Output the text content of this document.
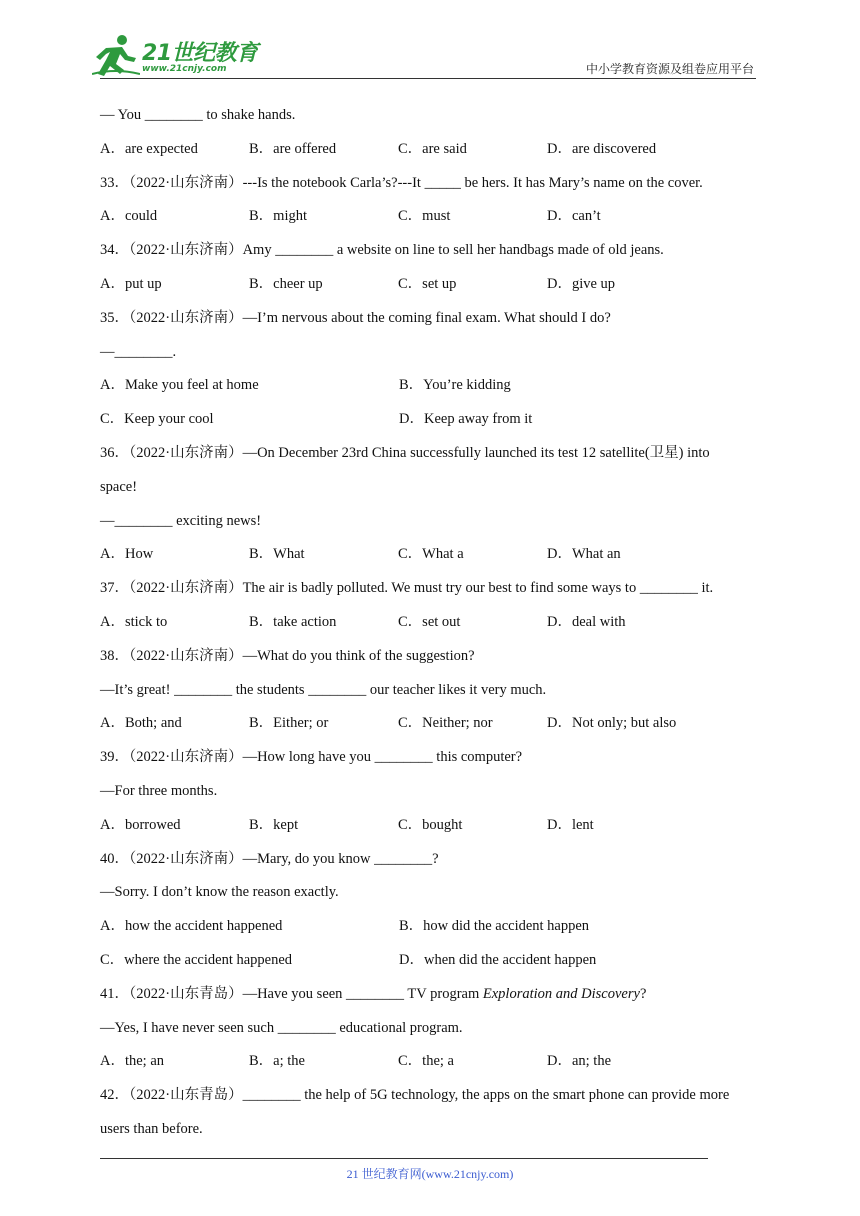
21世纪教育
www.21cnjy.com	中小学教育资源及组卷应用平台
— You ________ to shake hands.
A．are expected	B．are offered	C．are said	D．are discovered
33．（2022·山东济南）---Is the notebook Carla’s?---It _____ be hers. It has Mary’s name on the cover.
A．could	B．might	C．must	D．can’t
34．（2022·山东济南）Amy ________ a website on line to sell her handbags made of old jeans.
A．put up	B．cheer up	C．set up	D．give up
35．（2022·山东济南）—I’m nervous about the coming final exam. What should I do?
—________.
A．Make you feel at home	B．You’re kidding
C．Keep your cool	D．Keep away from it
36．（2022·山东济南）—On December 23rd China successfully launched its test 12 satellite(卫星) into
space!
—________ exciting news!
A．How	B．What	C．What a	D．What an
37．（2022·山东济南）The air is badly polluted. We must try our best to find some ways to ________ it.
A．stick to	B．take action	C．set out	D．deal with
38．（2022·山东济南）—What do you think of the suggestion?
—It’s great! ________ the students ________ our teacher likes it very much.
A．Both; and	B．Either; or	C．Neither; nor	D．Not only; but also
39．（2022·山东济南）—How long have you ________ this computer?
—For three months.
A．borrowed	B．kept	C．bought	D．lent
40．（2022·山东济南）—Mary, do you know ________?
—Sorry. I don’t know the reason exactly.
A．how the accident happened	B．how did the accident happen
C．where the accident happened	D．when did the accident happen
41．（2022·山东青岛）—Have you seen ________ TV program Exploration and Discovery?
—Yes, I have never seen such ________ educational program.
A．the; an	B．a; the	C．the; a	D．an; the
42．（2022·山东青岛）________ the help of 5G technology, the apps on the smart phone can provide more
users than before.
21 世纪教育网(www.21cnjy.com)
